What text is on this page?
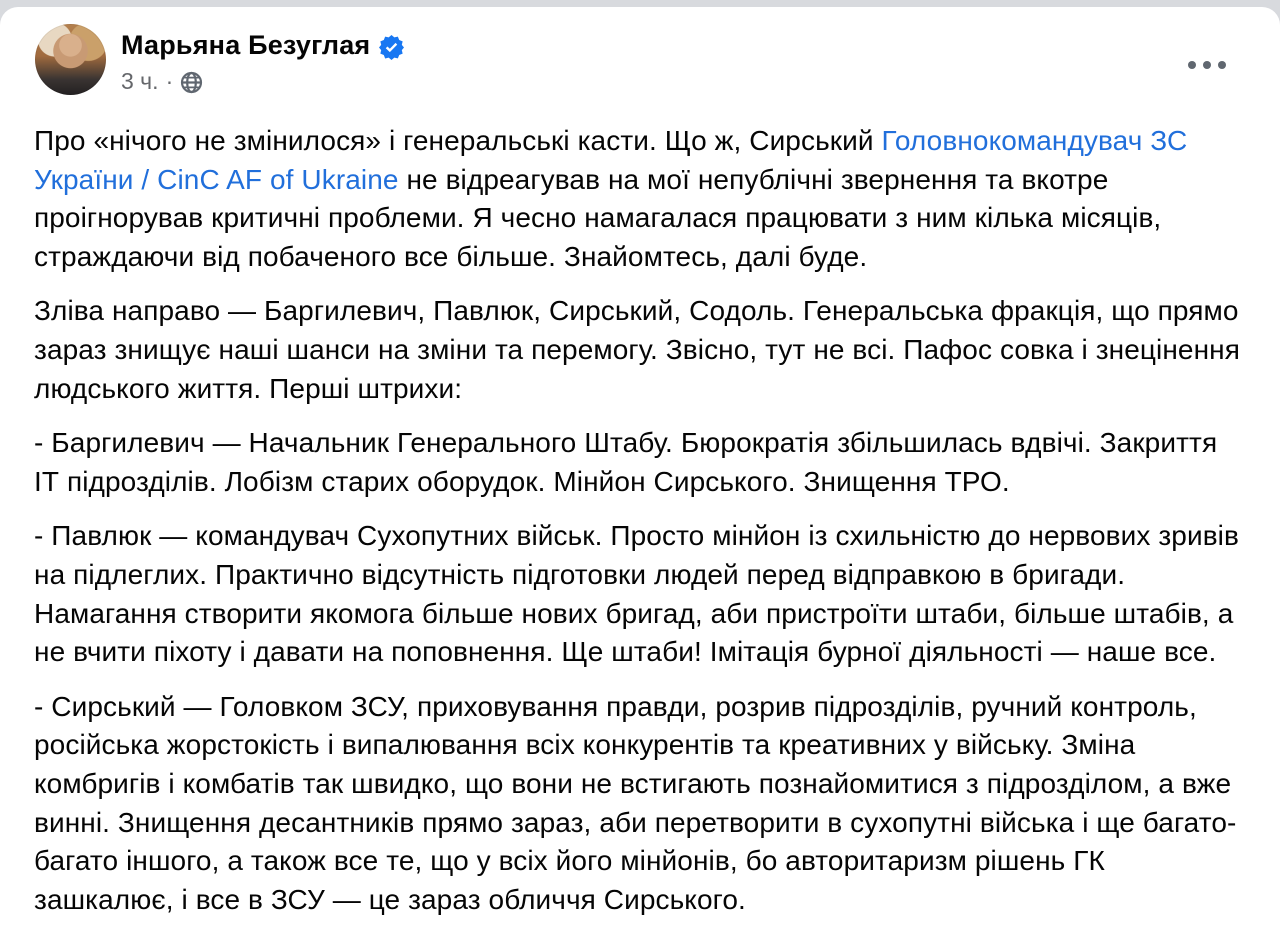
Марьяна Безуглая
3 ч. ·

Про «нічого не змінилося» і генеральські касти. Що ж, Сирський Головнокомандувач ЗС України / CinC AF of Ukraine не відреагував на мої непублічні звернення та вкотре проігнорував критичні проблеми. Я чесно намагалася працювати з ним кілька місяців, страждаючи від побаченого все більше. Знайомтесь, далі буде.

Зліва направо — Баргилевич, Павлюк, Сирський, Содоль. Генеральська фракція, що прямо зараз знищує наші шанси на зміни та перемогу. Звісно, тут не всі. Пафос совка і знецінення людського життя. Перші штрихи:

- Баргилевич — Начальник Генерального Штабу. Бюрократія збільшилась вдвічі. Закриття ІТ підрозділів. Лобізм старих оборудок. Мінйон Сирського. Знищення ТРО.

- Павлюк — командувач Сухопутних військ. Просто мінйон із схильністю до нервових зривів на підлеглих. Практично відсутність підготовки людей перед відправкою в бригади. Намагання створити якомога більше нових бригад, аби пристроїти штаби, більше штабів, а не вчити піхоту і давати на поповнення. Ще штаби! Імітація бурної діяльності — наше все.

- Сирський — Головком ЗСУ, приховування правди, розрив підрозділів, ручний контроль, російська жорстокість і випалювання всіх конкурентів та креативних у війську. Зміна комбригів і комбатів так швидко, що вони не встигають познайомитися з підрозділом, а вже винні. Знищення десантників прямо зараз, аби перетворити в сухопутні війська і ще багато-багато іншого, а також все те, що у всіх його мінйонів, бо авторитаризм рішень ГК зашкалює, і все в ЗСУ — це зараз обличчя Сирського.
